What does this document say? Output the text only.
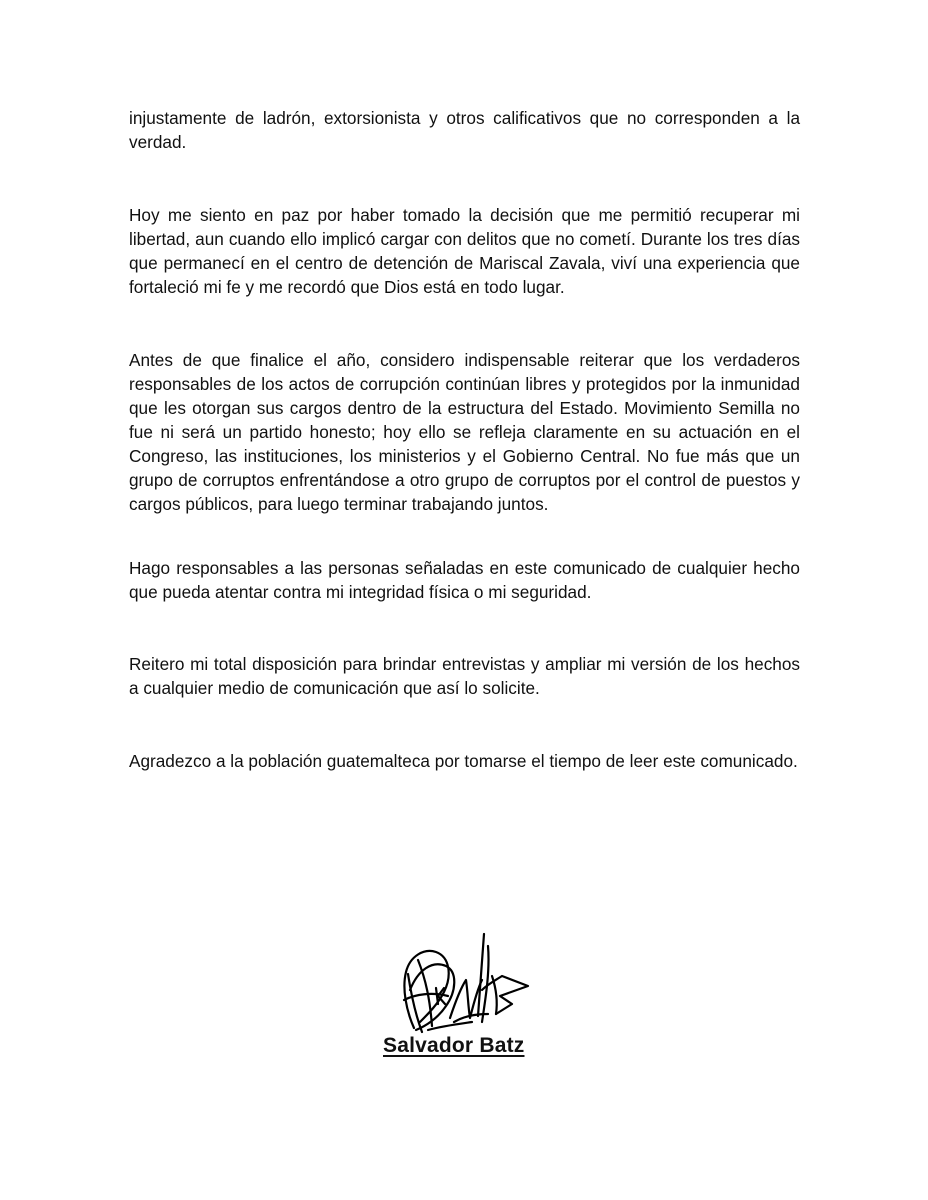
injustamente de ladrón, extorsionista y otros calificativos que no corresponden a la verdad.

Hoy me siento en paz por haber tomado la decisión que me permitió recuperar mi libertad, aun cuando ello implicó cargar con delitos que no cometí. Durante los tres días que permanecí en el centro de detención de Mariscal Zavala, viví una experiencia que fortaleció mi fe y me recordó que Dios está en todo lugar.

Antes de que finalice el año, considero indispensable reiterar que los verdaderos responsables de los actos de corrupción continúan libres y protegidos por la inmunidad que les otorgan sus cargos dentro de la estructura del Estado. Movimiento Semilla no fue ni será un partido honesto; hoy ello se refleja claramente en su actuación en el Congreso, las instituciones, los ministerios y el Gobierno Central. No fue más que un grupo de corruptos enfrentándose a otro grupo de corruptos por el control de puestos y cargos públicos, para luego terminar trabajando juntos.

Hago responsables a las personas señaladas en este comunicado de cualquier hecho que pueda atentar contra mi integridad física o mi seguridad.

Reitero mi total disposición para brindar entrevistas y ampliar mi versión de los hechos a cualquier medio de comunicación que así lo solicite.

Agradezco a la población guatemalteca por tomarse el tiempo de leer este comunicado.

Salvador Batz
